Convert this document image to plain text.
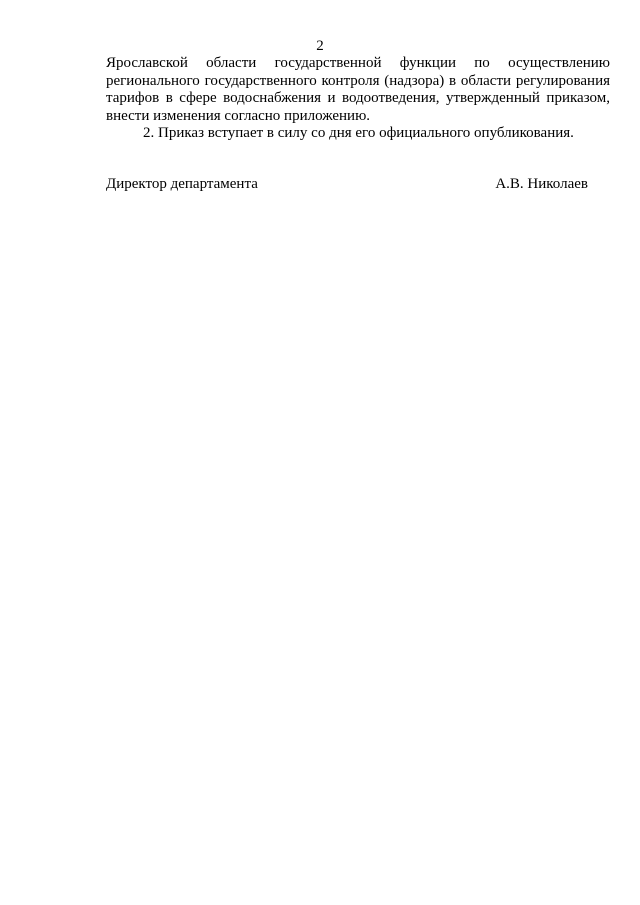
2

Ярославской области государственной функции по осуществлению регионального государственного контроля (надзора) в области регулирования тарифов в сфере водоснабжения и водоотведения, утвержденный приказом, внести изменения согласно приложению.

2. Приказ вступает в силу со дня его официального опубликования.

Директор департамента	А.В. Николаев
